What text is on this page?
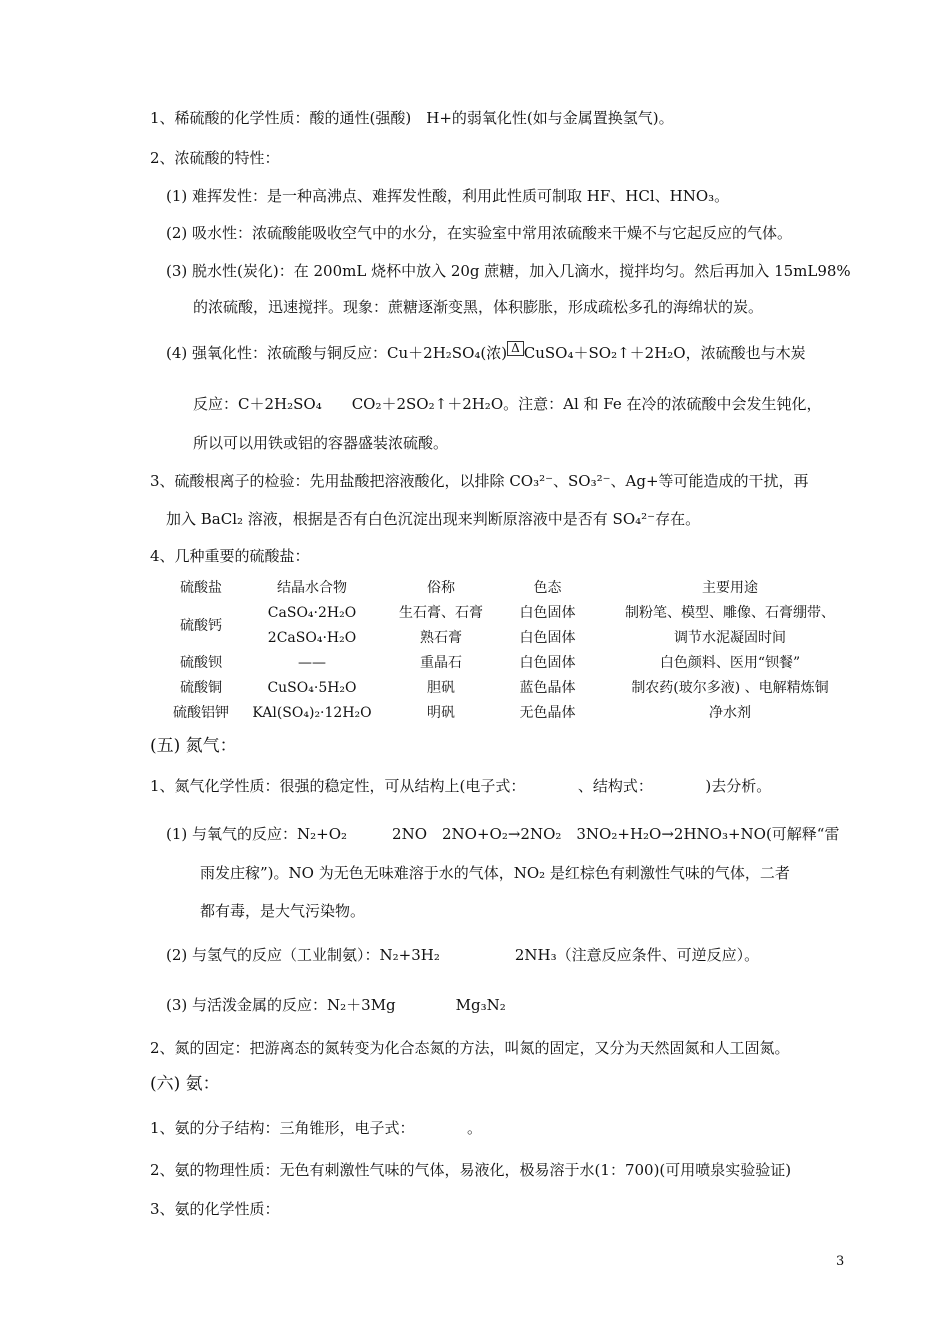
1、稀硫酸的化学性质：酸的通性(强酸)　H+的弱氧化性(如与金属置换氢气)。
2、浓硫酸的特性：
(1) 难挥发性：是一种高沸点、难挥发性酸，利用此性质可制取 HF、HCl、HNO₃。
(2) 吸水性：浓硫酸能吸收空气中的水分，在实验室中常用浓硫酸来干燥不与它起反应的气体。
(3) 脱水性(炭化)：在 200mL 烧杯中放入 20g 蔗糖，加入几滴水，搅拌均匀。然后再加入 15mL98%
的浓硫酸，迅速搅拌。现象：蔗糖逐渐变黑，体积膨胀，形成疏松多孔的海绵状的炭。
(4) 强氧化性：浓硫酸与铜反应：Cu＋2H₂SO₄(浓) Δ CuSO₄＋SO₂↑＋2H₂O，浓硫酸也与木炭
反应：C＋2H₂SO₄　　CO₂＋2SO₂↑＋2H₂O。注意：Al 和 Fe 在冷的浓硫酸中会发生钝化，
所以可以用铁或铝的容器盛装浓硫酸。
3、硫酸根离子的检验：先用盐酸把溶液酸化，以排除 CO₃²⁻、SO₃²⁻、Ag+等可能造成的干扰，再
加入 BaCl₂ 溶液，根据是否有白色沉淀出现来判断原溶液中是否有 SO₄²⁻存在。
4、几种重要的硫酸盐：
硫酸盐	结晶水合物	俗称	色态	主要用途
硫酸钙	CaSO₄·2H₂O	生石膏、石膏	白色固体	制粉笔、模型、雕像、石膏绷带、
	2CaSO₄·H₂O	熟石膏	白色固体	调节水泥凝固时间
硫酸钡	——	重晶石	白色固体	白色颜料、医用“钡餐”
硫酸铜	CuSO₄·5H₂O	胆矾	蓝色晶体	制农药(玻尔多液) 、电解精炼铜
硫酸铝钾	KAl(SO₄)₂·12H₂O	明矾	无色晶体	净水剂
(五) 氮气：
1、氮气化学性质：很强的稳定性，可从结构上(电子式：　　　　、结构式：　　　　)去分析。
(1) 与氧气的反应：N₂+O₂　　　2NO　2NO+O₂→2NO₂　3NO₂+H₂O→2HNO₃+NO(可解释“雷
雨发庄稼”)。NO 为无色无味难溶于水的气体，NO₂ 是红棕色有刺激性气味的气体，二者
都有毒，是大气污染物。
(2) 与氢气的反应（工业制氨）：N₂+3H₂　　　　　2NH₃（注意反应条件、可逆反应）。
(3) 与活泼金属的反应：N₂＋3Mg　　　　Mg₃N₂
2、氮的固定：把游离态的氮转变为化合态氮的方法，叫氮的固定，又分为天然固氮和人工固氮。
(六) 氨：
1、氨的分子结构：三角锥形，电子式：　　　　。
2、氨的物理性质：无色有刺激性气味的气体，易液化，极易溶于水(1：700)(可用喷泉实验验证)
3、氨的化学性质：
3
